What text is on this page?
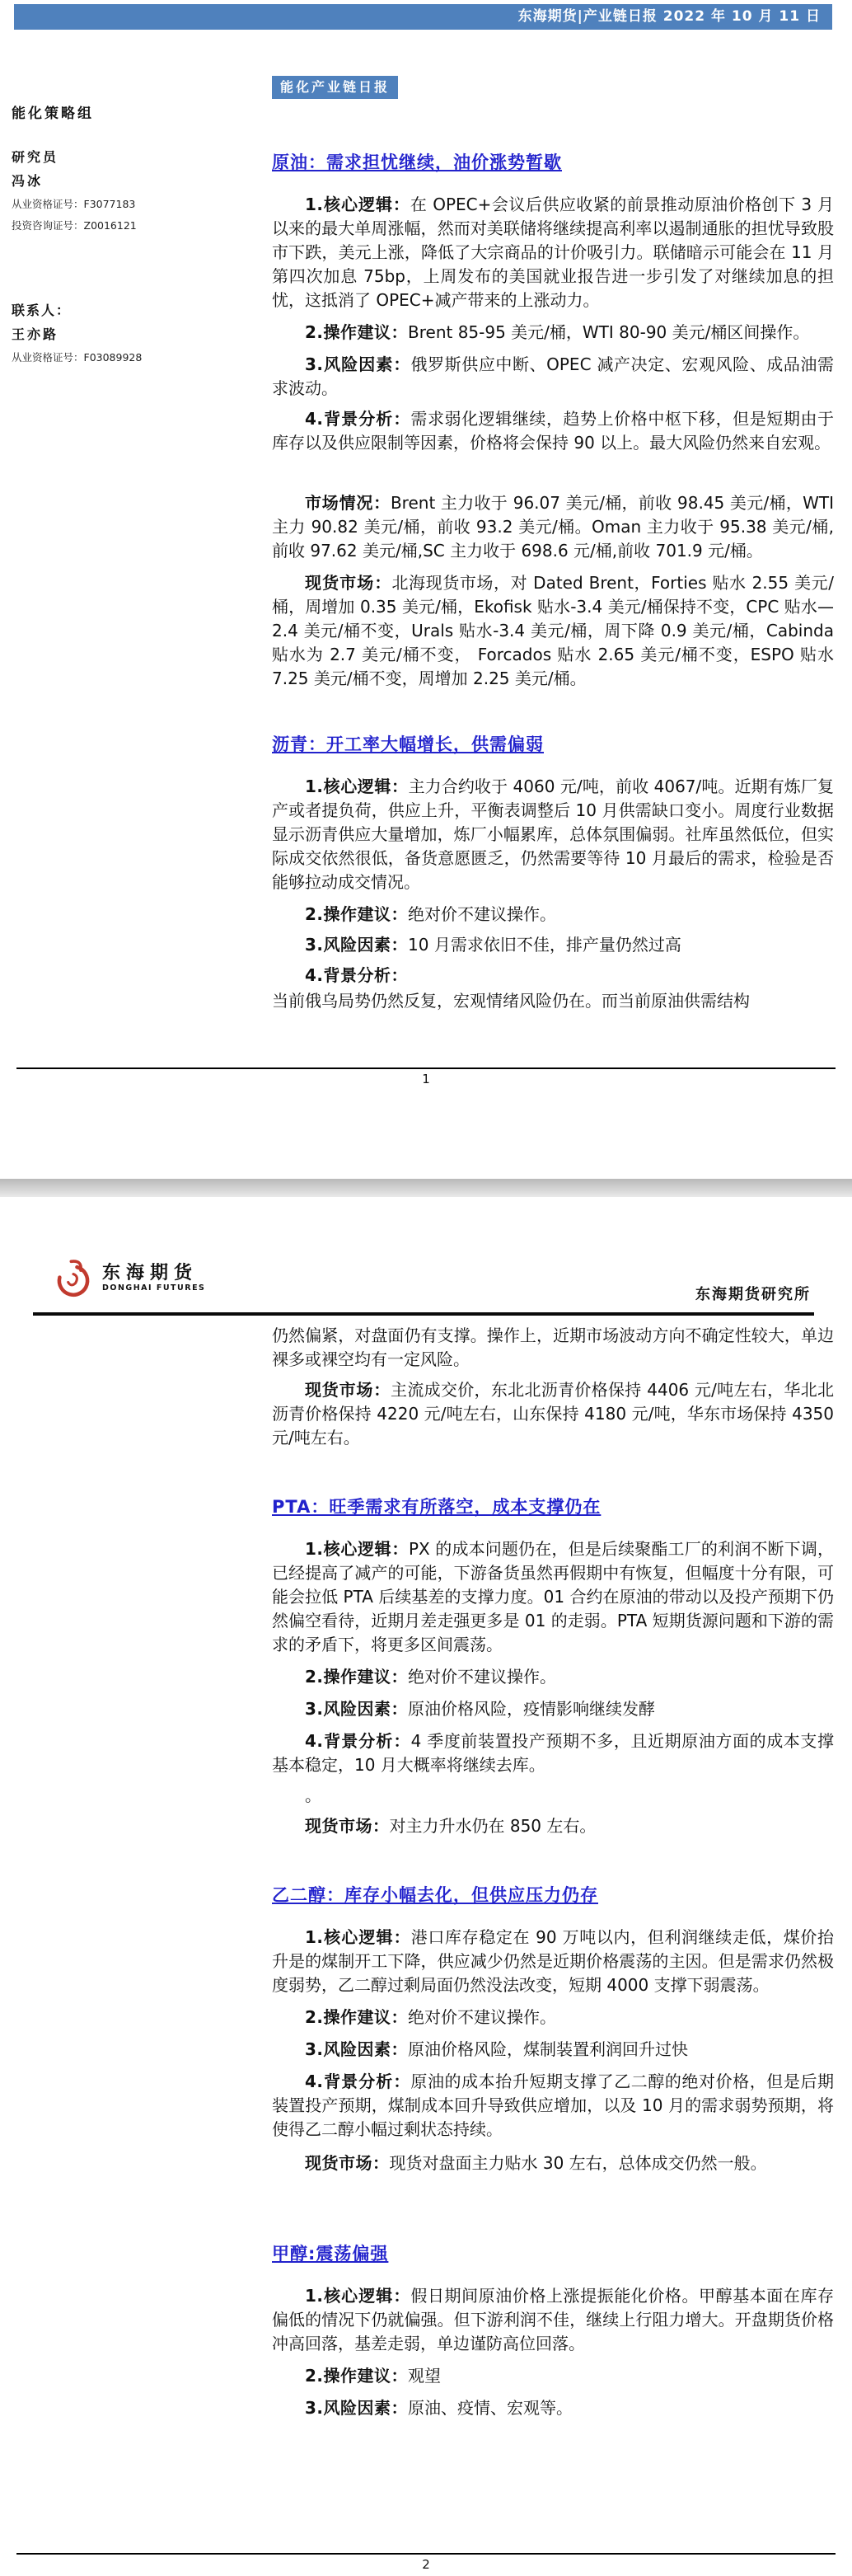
东海期货|产业链日报 2022 年 10 月 11 日
能化策略组
研究员
冯冰
从业资格证号：F3077183
投资咨询证号：Z0016121
联系人：
王亦路
从业资格证号：F03089928
能化产业链日报
原油：需求担忧继续，油价涨势暂歇

1.核心逻辑：在 OPEC+会议后供应收紧的前景推动原油价格创下 3 月以来的最大单周涨幅，然而对美联储将继续提高利率以遏制通胀的担忧导致股市下跌，美元上涨，降低了大宗商品的计价吸引力。联储暗示可能会在 11 月第四次加息 75bp，上周发布的美国就业报告进一步引发了对继续加息的担忧，这抵消了 OPEC+减产带来的上涨动力。

2.操作建议：Brent 85-95 美元/桶，WTI 80-90 美元/桶区间操作。

3.风险因素：俄罗斯供应中断、OPEC 减产决定、宏观风险、成品油需求波动。

4.背景分析：需求弱化逻辑继续，趋势上价格中枢下移，但是短期由于库存以及供应限制等因素，价格将会保持 90 以上。最大风险仍然来自宏观。

市场情况：Brent 主力收于 96.07 美元/桶，前收 98.45 美元/桶，WTI 主力 90.82 美元/桶，前收 93.2 美元/桶。Oman 主力收于 95.38 美元/桶,前收 97.62 美元/桶,SC 主力收于 698.6 元/桶,前收 701.9 元/桶。

现货市场：北海现货市场，对 Dated Brent，Forties 贴水 2.55 美元/桶，周增加 0.35 美元/桶，Ekofisk 贴水-3.4 美元/桶保持不变，CPC 贴水—2.4 美元/桶不变，Urals 贴水-3.4 美元/桶，周下降 0.9 美元/桶，Cabinda 贴水为 2.7 美元/桶不变， Forcados 贴水 2.65 美元/桶不变，ESPO 贴水 7.25 美元/桶不变，周增加 2.25 美元/桶。

沥青：开工率大幅增长，供需偏弱

1.核心逻辑：主力合约收于 4060 元/吨，前收 4067/吨。近期有炼厂复产或者提负荷，供应上升，平衡表调整后 10 月供需缺口变小。周度行业数据显示沥青供应大量增加，炼厂小幅累库，总体氛围偏弱。社库虽然低位，但实际成交依然很低，备货意愿匮乏，仍然需要等待 10 月最后的需求，检验是否能够拉动成交情况。

2.操作建议：绝对价不建议操作。

3.风险因素：10 月需求依旧不佳，排产量仍然过高

4.背景分析：

当前俄乌局势仍然反复，宏观情绪风险仍在。而当前原油供需结构

1
东海期货
DONGHAI FUTURES	东海期货研究所

仍然偏紧，对盘面仍有支撑。操作上，近期市场波动方向不确定性较大，单边裸多或裸空均有一定风险。

现货市场：主流成交价，东北北沥青价格保持 4406 元/吨左右，华北北沥青价格保持 4220 元/吨左右，山东保持 4180 元/吨，华东市场保持 4350 元/吨左右。

PTA：旺季需求有所落空，成本支撑仍在

1.核心逻辑：PX 的成本问题仍在，但是后续聚酯工厂的利润不断下调，已经提高了减产的可能，下游备货虽然再假期中有恢复，但幅度十分有限，可能会拉低 PTA 后续基差的支撑力度。01 合约在原油的带动以及投产预期下仍然偏空看待，近期月差走强更多是 01 的走弱。PTA 短期货源问题和下游的需求的矛盾下，将更多区间震荡。

2.操作建议：绝对价不建议操作。

3.风险因素：原油价格风险，疫情影响继续发酵

4.背景分析：4 季度前装置投产预期不多，且近期原油方面的成本支撑基本稳定，10 月大概率将继续去库。

。

现货市场：对主力升水仍在 850 左右。

乙二醇：库存小幅去化，但供应压力仍存

1.核心逻辑：港口库存稳定在 90 万吨以内，但利润继续走低，煤价抬升是的煤制开工下降，供应减少仍然是近期价格震荡的主因。但是需求仍然极度弱势，乙二醇过剩局面仍然没法改变，短期 4000 支撑下弱震荡。

2.操作建议：绝对价不建议操作。

3.风险因素：原油价格风险，煤制装置利润回升过快

4.背景分析：原油的成本抬升短期支撑了乙二醇的绝对价格，但是后期装置投产预期，煤制成本回升导致供应增加，以及 10 月的需求弱势预期，将使得乙二醇小幅过剩状态持续。

现货市场：现货对盘面主力贴水 30 左右，总体成交仍然一般。

甲醇:震荡偏强

1.核心逻辑：假日期间原油价格上涨提振能化价格。甲醇基本面在库存偏低的情况下仍就偏强。但下游利润不佳，继续上行阻力增大。开盘期货价格冲高回落，基差走弱，单边谨防高位回落。

2.操作建议：观望

3.风险因素：原油、疫情、宏观等。

2
